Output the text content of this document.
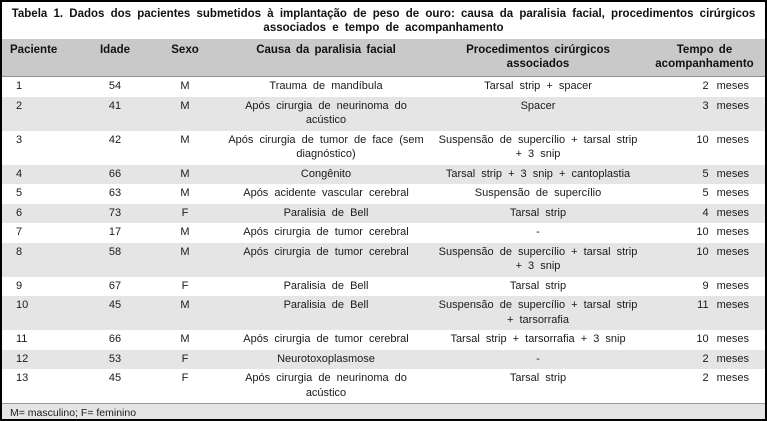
Tabela 1. Dados dos pacientes submetidos à implantação de peso de ouro: causa da paralisia facial, procedimentos cirúrgicos associados e tempo de acompanhamento
Paciente	Idade	Sexo	Causa da paralisia facial	Procedimentos cirúrgicos associados	Tempo de acompanhamento
1	54	M	Trauma de mandíbula	Tarsal strip + spacer	2 meses
2	41	M	Após cirurgia de neurinoma do acústico	Spacer	3 meses
3	42	M	Após cirurgia de tumor de face (sem diagnóstico)	Suspensão de supercílio + tarsal strip + 3 snip	10 meses
4	66	M	Congênito	Tarsal strip + 3 snip + cantoplastia	5 meses
5	63	M	Após acidente vascular cerebral	Suspensão de supercílio	5 meses
6	73	F	Paralisia de Bell	Tarsal strip	4 meses
7	17	M	Após cirurgia de tumor cerebral	-	10 meses
8	58	M	Após cirurgia de tumor cerebral	Suspensão de supercílio + tarsal strip + 3 snip	10 meses
9	67	F	Paralisia de Bell	Tarsal strip	9 meses
10	45	M	Paralisia de Bell	Suspensão de supercílio + tarsal strip + tarsorrafia	11 meses
11	66	M	Após cirurgia de tumor cerebral	Tarsal strip + tarsorrafia + 3 snip	10 meses
12	53	F	Neurotoxoplasmose	-	2 meses
13	45	F	Após cirurgia de neurinoma do acústico	Tarsal strip	2 meses
M= masculino; F= feminino
